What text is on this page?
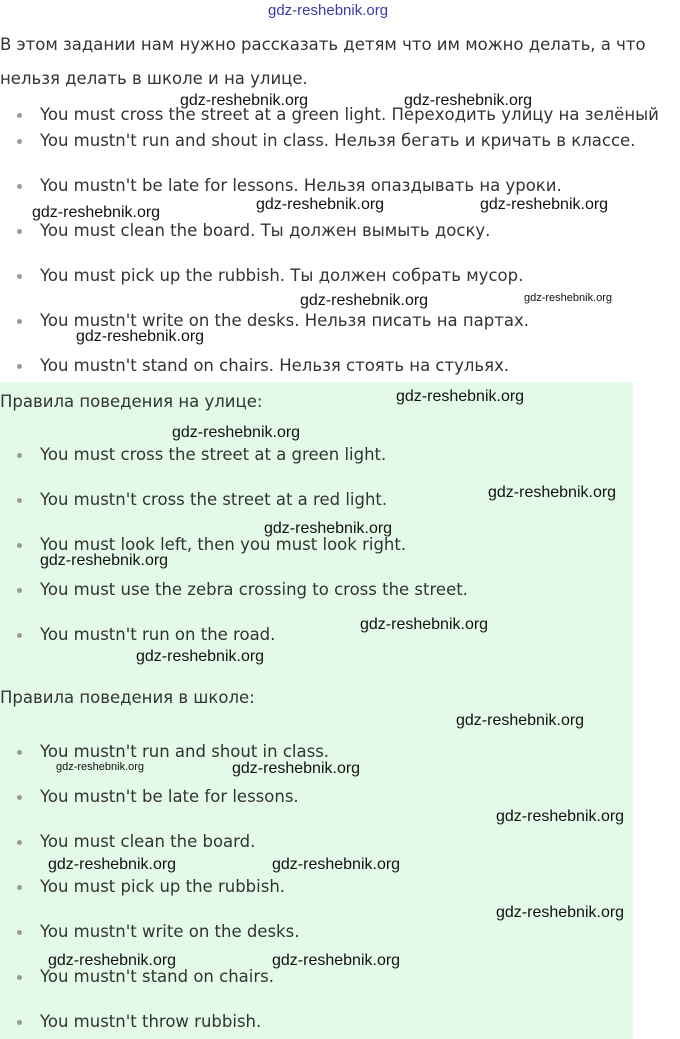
В этом задании нам нужно рассказать детям что им можно делать, а что нельзя делать в школе и на улице.
You must cross the street at a green light. Переходить улицу на зелёный
You mustn't run and shout in class. Нельзя бегать и кричать в классе.
You mustn't be late for lessons. Нельзя опаздывать на уроки.
You must clean the board. Ты должен вымыть доску.
You must pick up the rubbish. Ты должен собрать мусор.
You mustn't write on the desks. Нельзя писать на партах.
You mustn't stand on chairs. Нельзя стоять на стульях.
Правила поведения на улице:
You must cross the street at a green light.
You mustn't cross the street at a red light.
You must look left, then you must look right.
You must use the zebra crossing to cross the street.
You mustn't run on the road.
Правила поведения в школе:
You mustn't run and shout in class.
You mustn't be late for lessons.
You must clean the board.
You must pick up the rubbish.
You mustn't write on the desks.
You mustn't stand on chairs.
You mustn't throw rubbish.
gdz-reshebnik.org
gdz-reshebnik.org	gdz-reshebnik.org
gdz-reshebnik.org	gdz-reshebnik.org	gdz-reshebnik.org
gdz-reshebnik.org	gdz-reshebnik.org
gdz-reshebnik.org
gdz-reshebnik.org
gdz-reshebnik.org
gdz-reshebnik.org
gdz-reshebnik.org
gdz-reshebnik.org
gdz-reshebnik.org
gdz-reshebnik.org
gdz-reshebnik.org
gdz-reshebnik.org	gdz-reshebnik.org
gdz-reshebnik.org
gdz-reshebnik.org	gdz-reshebnik.org
gdz-reshebnik.org
gdz-reshebnik.org	gdz-reshebnik.org
